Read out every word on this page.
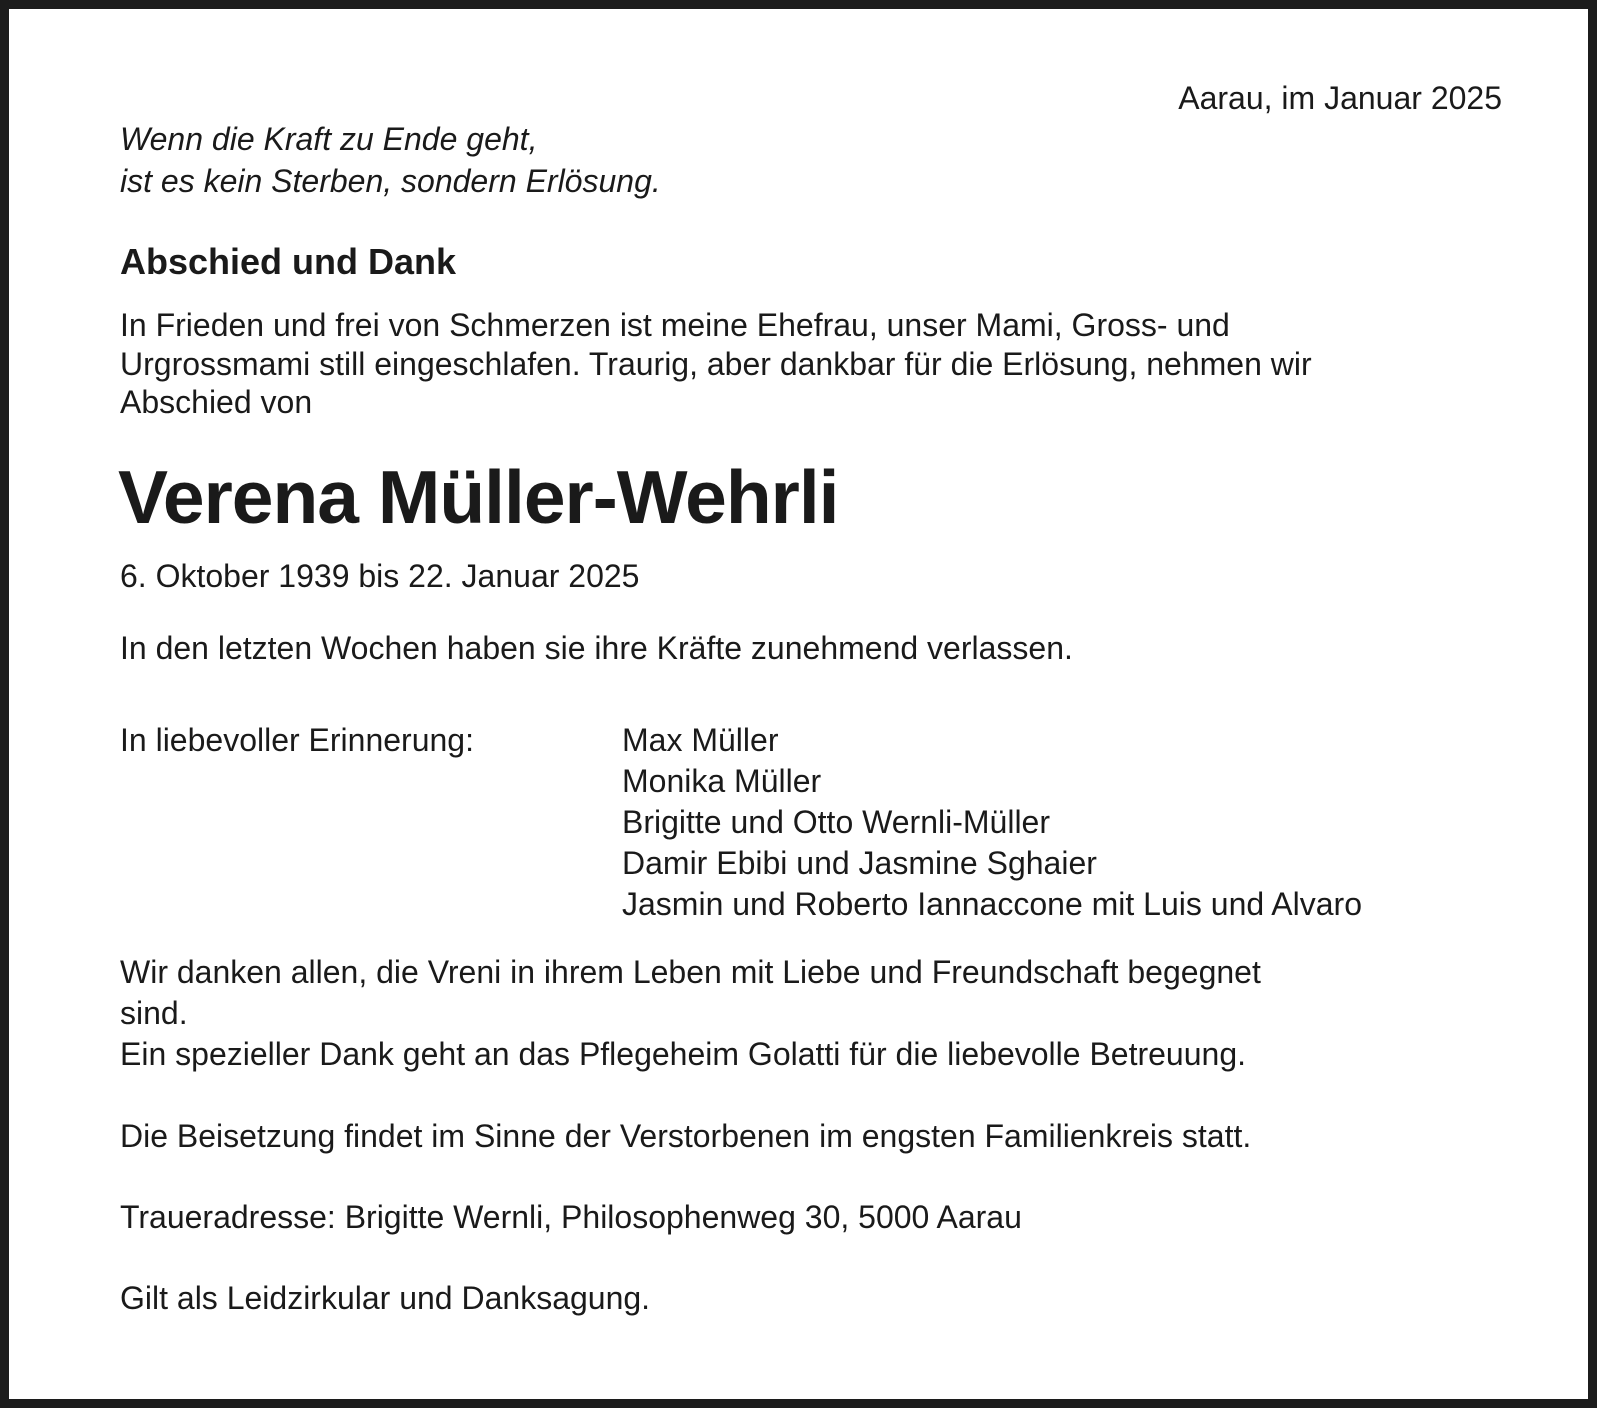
Aarau, im Januar 2025
Wenn die Kraft zu Ende geht,
ist es kein Sterben, sondern Erlösung.
Abschied und Dank
In Frieden und frei von Schmerzen ist meine Ehefrau, unser Mami, Gross- und
Urgrossmami still eingeschlafen. Traurig, aber dankbar für die Erlösung, nehmen wir
Abschied von
Verena Müller-Wehrli
6. Oktober 1939 bis 22. Januar 2025
In den letzten Wochen haben sie ihre Kräfte zunehmend verlassen.
In liebevoller Erinnerung:	Max Müller
Monika Müller
Brigitte und Otto Wernli-Müller
Damir Ebibi und Jasmine Sghaier
Jasmin und Roberto Iannaccone mit Luis und Alvaro
Wir danken allen, die Vreni in ihrem Leben mit Liebe und Freundschaft begegnet
sind.
Ein spezieller Dank geht an das Pflegeheim Golatti für die liebevolle Betreuung.
Die Beisetzung findet im Sinne der Verstorbenen im engsten Familienkreis statt.
Traueradresse: Brigitte Wernli, Philosophenweg 30, 5000 Aarau
Gilt als Leidzirkular und Danksagung.
